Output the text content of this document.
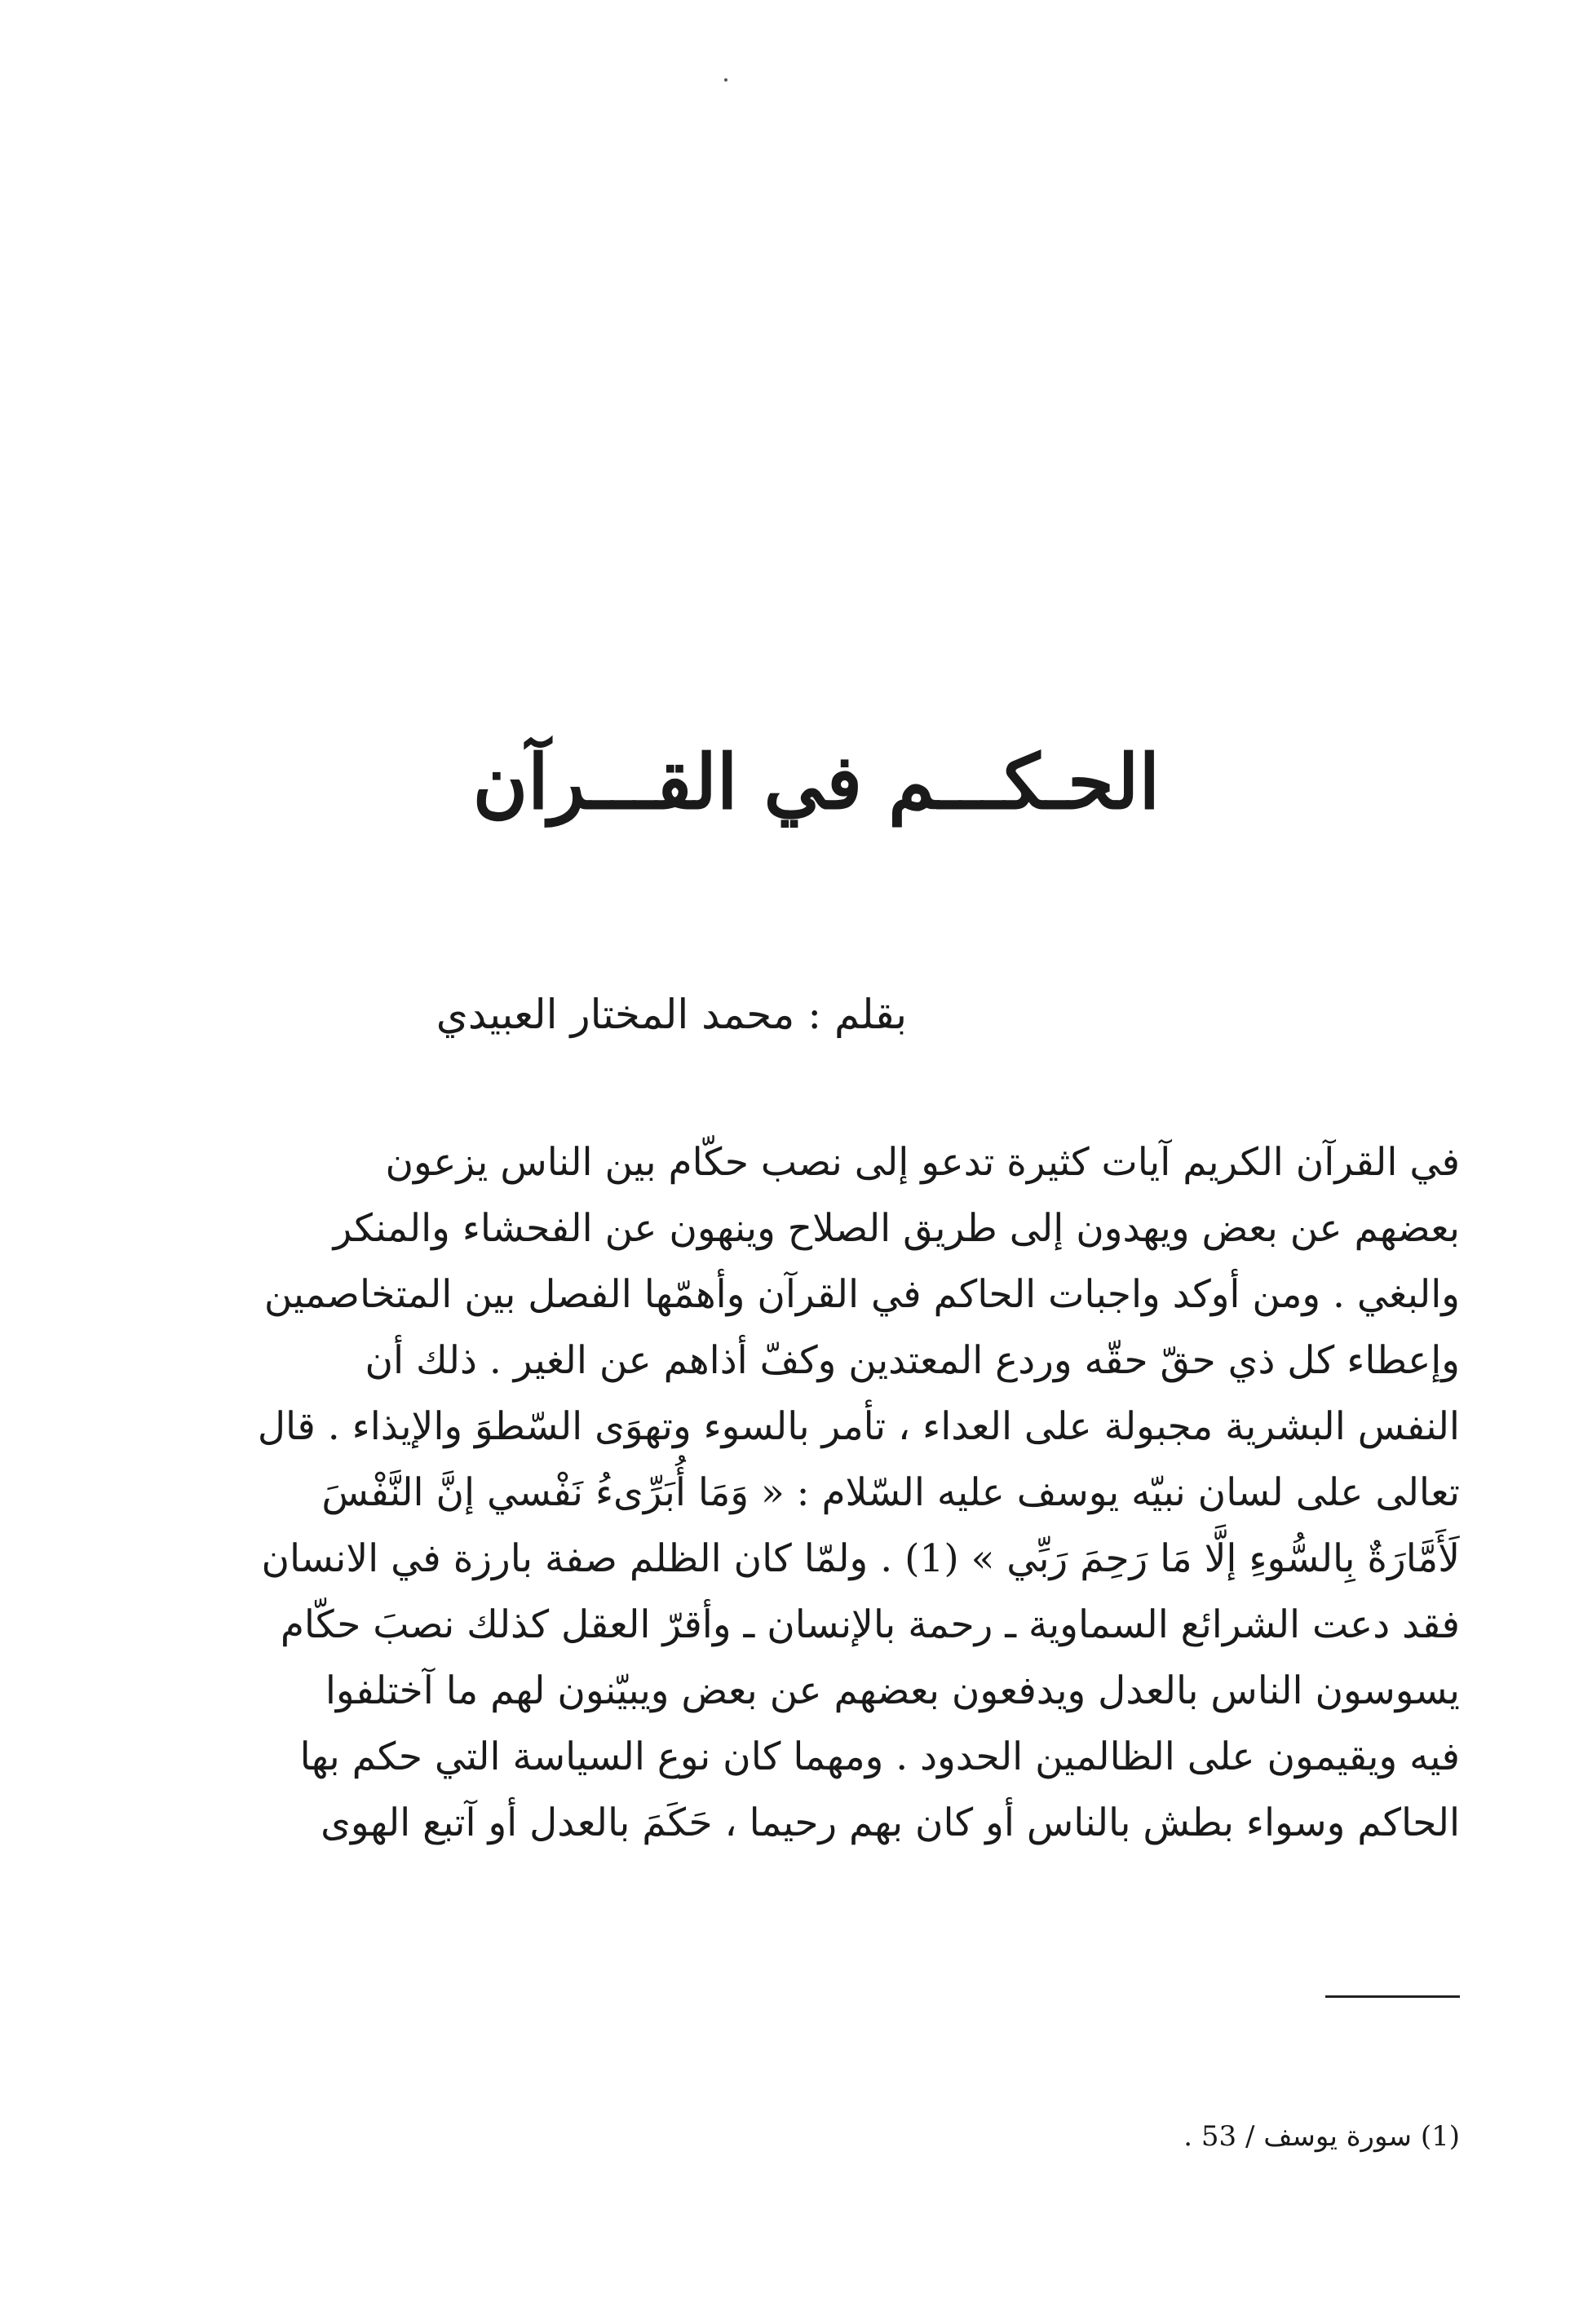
الحـكـــم في القـــرآن

بقلم : محمد المختار العبيدي

في القرآن الكريم آيات كثيرة تدعو إلى نصب حكّام بين الناس يزعون
بعضهم عن بعض ويهدون إلى طريق الصلاح وينهون عن الفحشاء والمنكر
والبغي . ومن أوكد واجبات الحاكم في القرآن وأهمّها الفصل بين المتخاصمين
وإعطاء كل ذي حقّ حقّه وردع المعتدين وكفّ أذاهم عن الغير . ذلك أن
النفس البشرية مجبولة على العداء ، تأمر بالسوء وتهوَى السّطوَ والإيذاء . قال
تعالى على لسان نبيّه يوسف عليه السّلام : « وَمَا أُبَرِّىءُ نَفْسي إنَّ النَّفْسَ
لَأَمَّارَةٌ بِالسُّوءِ إلَّا مَا رَحِمَ رَبِّي » (1) . ولمّا كان الظلم صفة بارزة في الانسان
فقد دعت الشرائع السماوية ـ رحمة بالإنسان ـ وأقرّ العقل كذلك نصبَ حكّام
يسوسون الناس بالعدل ويدفعون بعضهم عن بعض ويبيّنون لهم ما آختلفوا
فيه ويقيمون على الظالمين الحدود . ومهما كان نوع السياسة التي حكم بها
الحاكم وسواء بطش بالناس أو كان بهم رحيما ، حَكَمَ بالعدل أو آتبع الهوى

(1) سورة يوسف / 53 .
